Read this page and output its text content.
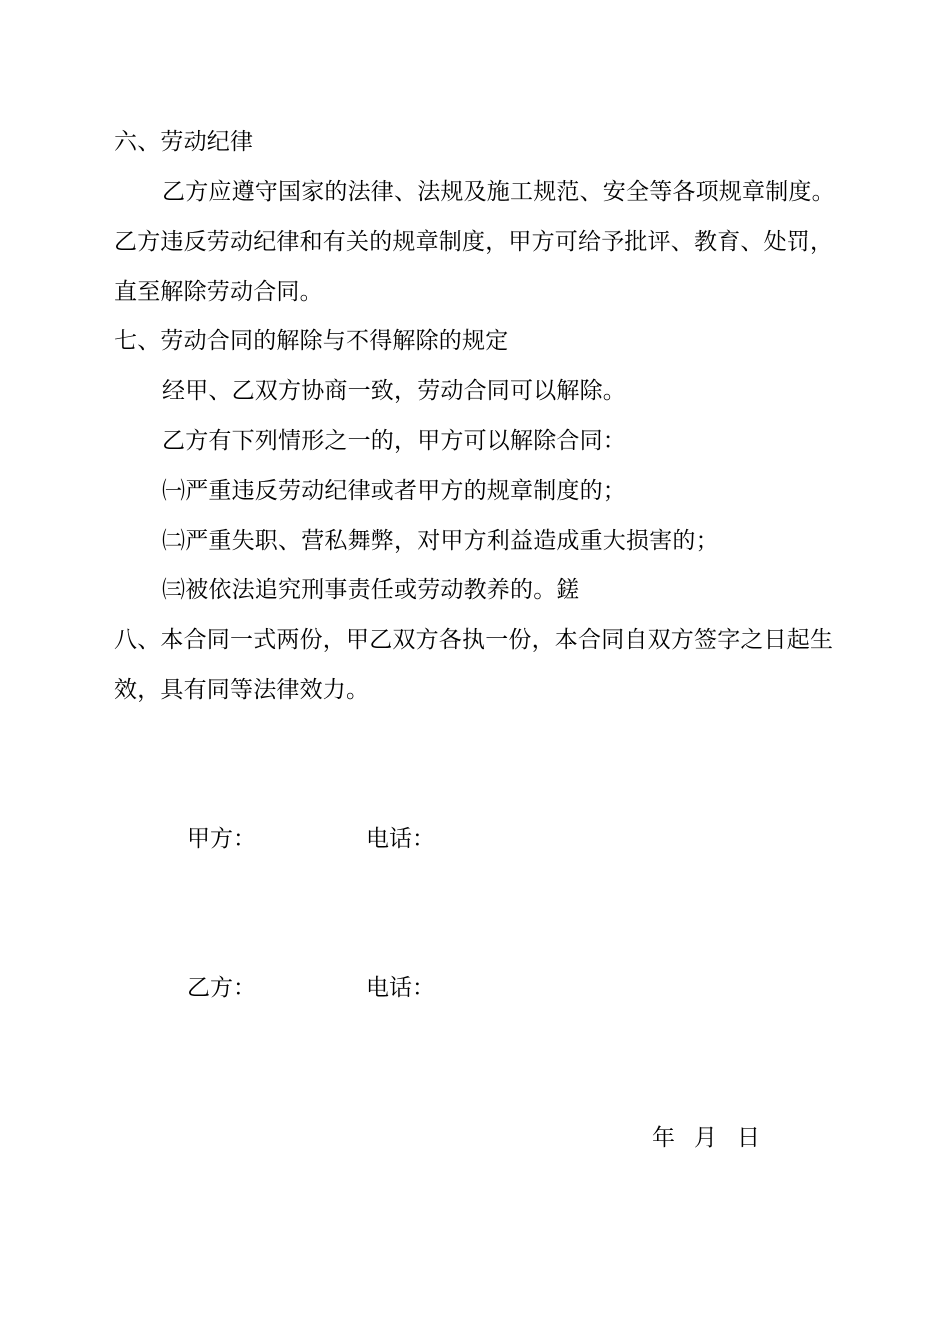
六、劳动纪律
乙方应遵守国家的法律、法规及施工规范、安全等各项规章制度。
乙方违反劳动纪律和有关的规章制度，甲方可给予批评、教育、处罚，
直至解除劳动合同。
七、劳动合同的解除与不得解除的规定
经甲、乙双方协商一致，劳动合同可以解除。
乙方有下列情形之一的，甲方可以解除合同：
㈠严重违反劳动纪律或者甲方的规章制度的；
㈡严重失职、营私舞弊，对甲方利益造成重大损害的；
㈢被依法追究刑事责任或劳动教养的。鎈
八、本合同一式两份，甲乙双方各执一份，本合同自双方签字之日起生
效，具有同等法律效力。
甲方：	电话：
乙方：	电话：
年 月 日
